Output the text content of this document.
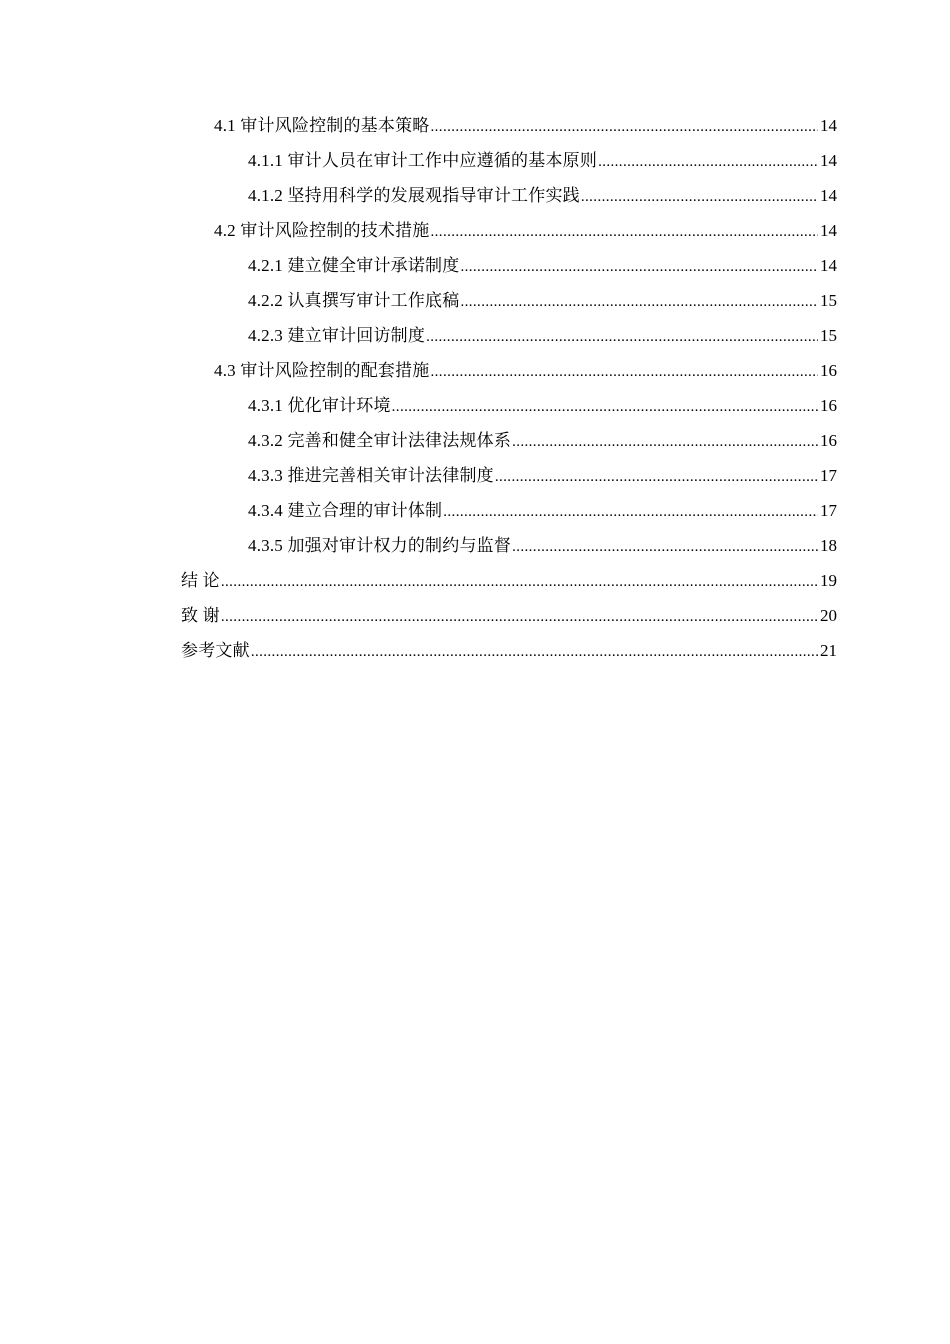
4.1 审计风险控制的基本策略 .....	14
4.1.1 审计人员在审计工作中应遵循的基本原则 .....	14
4.1.2 坚持用科学的发展观指导审计工作实践 .....	14
4.2 审计风险控制的技术措施 .....	14
4.2.1 建立健全审计承诺制度 .....	14
4.2.2 认真撰写审计工作底稿 .....	15
4.2.3 建立审计回访制度 .....	15
4.3 审计风险控制的配套措施 .....	16
4.3.1 优化审计环境 .....	16
4.3.2 完善和健全审计法律法规体系 .....	16
4.3.3 推进完善相关审计法律制度 .....	17
4.3.4 建立合理的审计体制 .....	17
4.3.5 加强对审计权力的制约与监督 .....	18
结 论 .....	19
致 谢 .....	20
参考文献 .....	21
